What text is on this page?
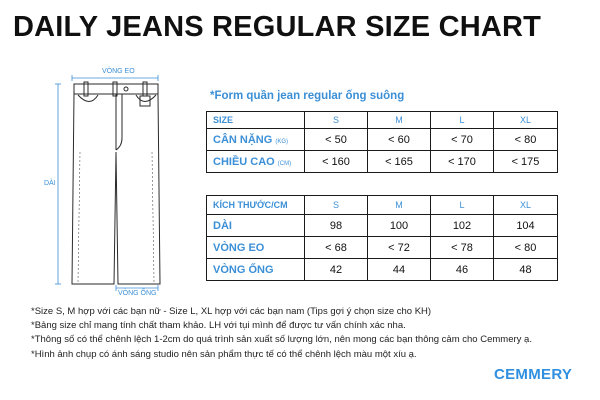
DAILY JEANS REGULAR SIZE CHART
VÒNG EO
DÀI
VÒNG ỐNG
*Form quần jean regular ống suông
SIZE	S	M	L	XL
CÂN NẶNG (KG)	< 50	< 60	< 70	< 80
CHIỀU CAO (CM)	< 160	< 165	< 170	< 175
KÍCH THƯỚC/CM	S	M	L	XL
DÀI	98	100	102	104
VÒNG EO	< 68	< 72	< 78	< 80
VÒNG ỐNG	42	44	46	48
*Size S, M hợp với các bạn nữ - Size L, XL hợp với các bạn nam (Tips gợi ý chọn size cho KH)
*Bảng size chỉ mang tính chất tham khảo. LH với tụi mình để được tư vấn chính xác nha.
*Thông số có thể chênh lệch 1-2cm do quá trình sản xuất số lượng lớn, nên mong các bạn thông cảm cho Cemmery ạ.
*Hình ảnh chụp có ánh sáng studio nên sản phẩm thực tế có thể chênh lệch màu một xíu ạ.
CEMMERY
